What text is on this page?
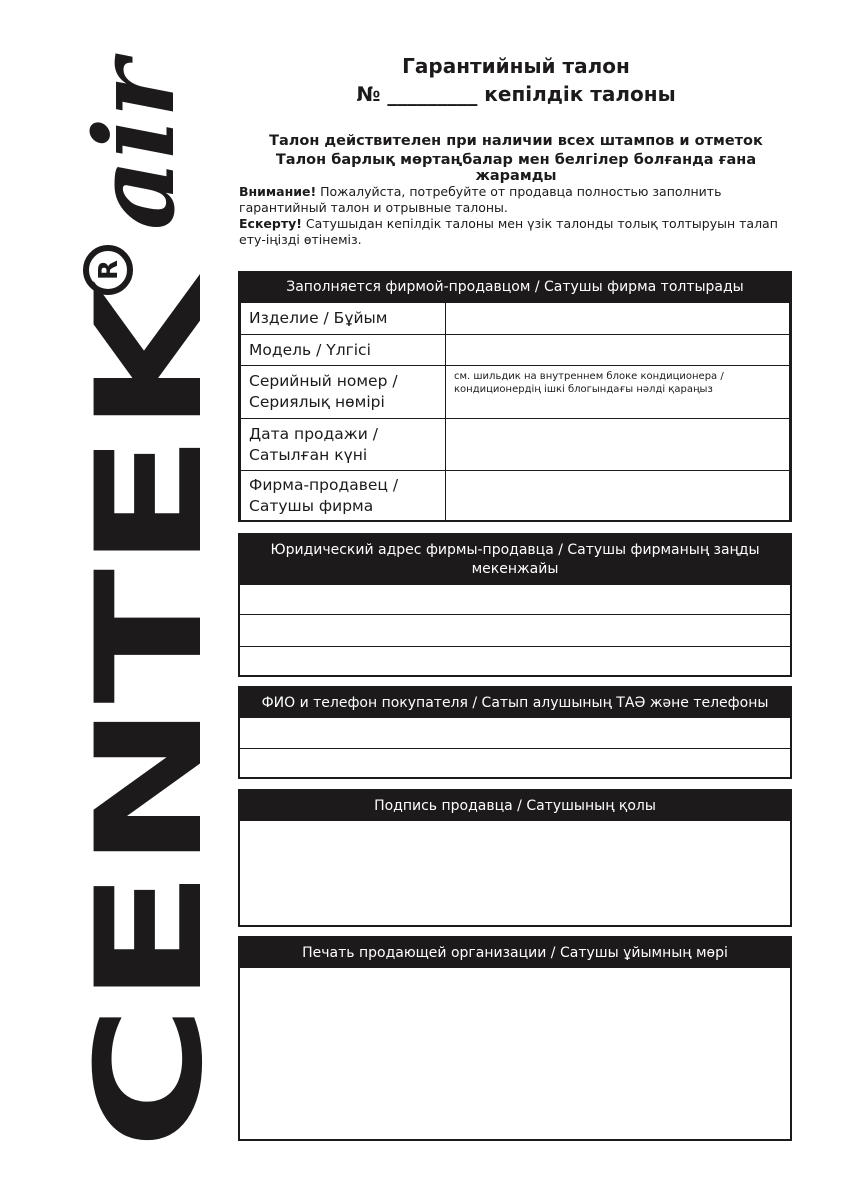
CENTEK
R
air	Гарантийный талон
№ _________ кепілдік талоны
Талон действителен при наличии всех штампов и отметок
Талон барлық мөртаңбалар мен белгілер болғанда ғана жарамды
Внимание! Пожалуйста, потребуйте от продавца полностью заполнить гарантийный талон и отрывные талоны.
Ескерту! Сатушыдан кепілдік талоны мен үзік талонды толық толтыруын талап ету-іңізді өтінеміз.
Заполняется фирмой-продавцом / Сатушы фирма толтырады
Изделие / Бұйым	
Модель / Үлгісі	
Серийный номер / Сериялық нөмірі	см. шильдик на внутреннем блоке кондиционера / кондиционердің ішкі блогындағы нәлді қараңыз
Дата продажи / Сатылған күні	
Фирма-продавец / Сатушы фирма	
Юридический адрес фирмы-продавца / Сатушы фирманың заңды мекенжайы
ФИО и телефон покупателя / Сатып алушының ТАӘ және телефоны
Подпись продавца / Сатушының қолы
Печать продающей организации / Сатушы ұйымның мөрі
